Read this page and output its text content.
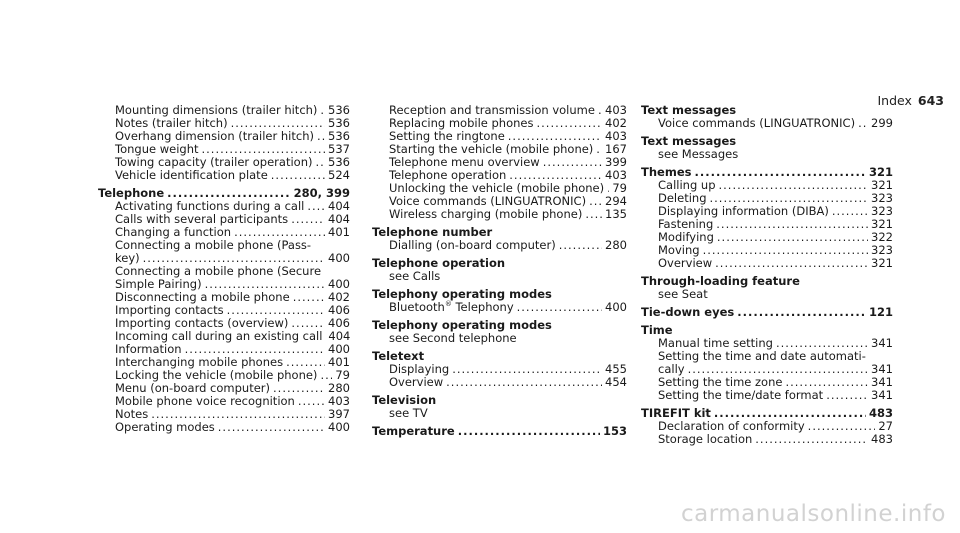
Index 643
Mounting dimensions (trailer hitch) ..... 536
Notes (trailer hitch) .....	536
Overhang dimension (trailer hitch) ..... 536
Tongue weight .....	537
Towing capacity (trailer operation) ..... 536
Vehicle identification plate .....	524
Telephone .....	280, 399
Activating functions during a call ..... 404
Calls with several participants .....	404
Changing a function .....	401
Connecting a mobile phone (Pass-
key) .....	400
Connecting a mobile phone (Secure
Simple Pairing) .....	400
Disconnecting a mobile phone .....	402
Importing contacts .....	406
Importing contacts (overview) .....	406
Incoming call during an existing call 404
Information .....	400
Interchanging mobile phones .....	401
Locking the vehicle (mobile phone) ..... 79
Menu (on-board computer) .....	280
Mobile phone voice recognition .....	403
Notes .....	397
Operating modes .....	400
Reception and transmission volume ..... 403
Replacing mobile phones .....	402
Setting the ringtone .....	403
Starting the vehicle (mobile phone) ..... 167
Telephone menu overview .....	399
Telephone operation .....	403
Unlocking the vehicle (mobile phone) ..... 79
Voice commands (LINGUATRONIC) ..... 294
Wireless charging (mobile phone) ..... 135
Telephone number
Dialling (on-board computer) .....	280
Telephone operation
see Calls
Telephony operating modes
Bluetooth® Telephony .....	400
Telephony operating modes
see Second telephone
Teletext
Displaying .....	455
Overview .....	454
Television
see TV
Temperature .....	153
Text messages
Voice commands (LINGUATRONIC) ..... 299
Text messages
see Messages
Themes .....	321
Calling up .....	321
Deleting .....	323
Displaying information (DIBA) .....	323
Fastening .....	321
Modifying .....	322
Moving .....	323
Overview .....	321
Through-loading feature
see Seat
Tie-down eyes .....	121
Time
Manual time setting .....	341
Setting the time and date automati-
cally .....	341
Setting the time zone .....	341
Setting the time/date format .....	341
TIREFIT kit .....	483
Declaration of conformity .....	27
Storage location .....	483
carmanualsonline.info
